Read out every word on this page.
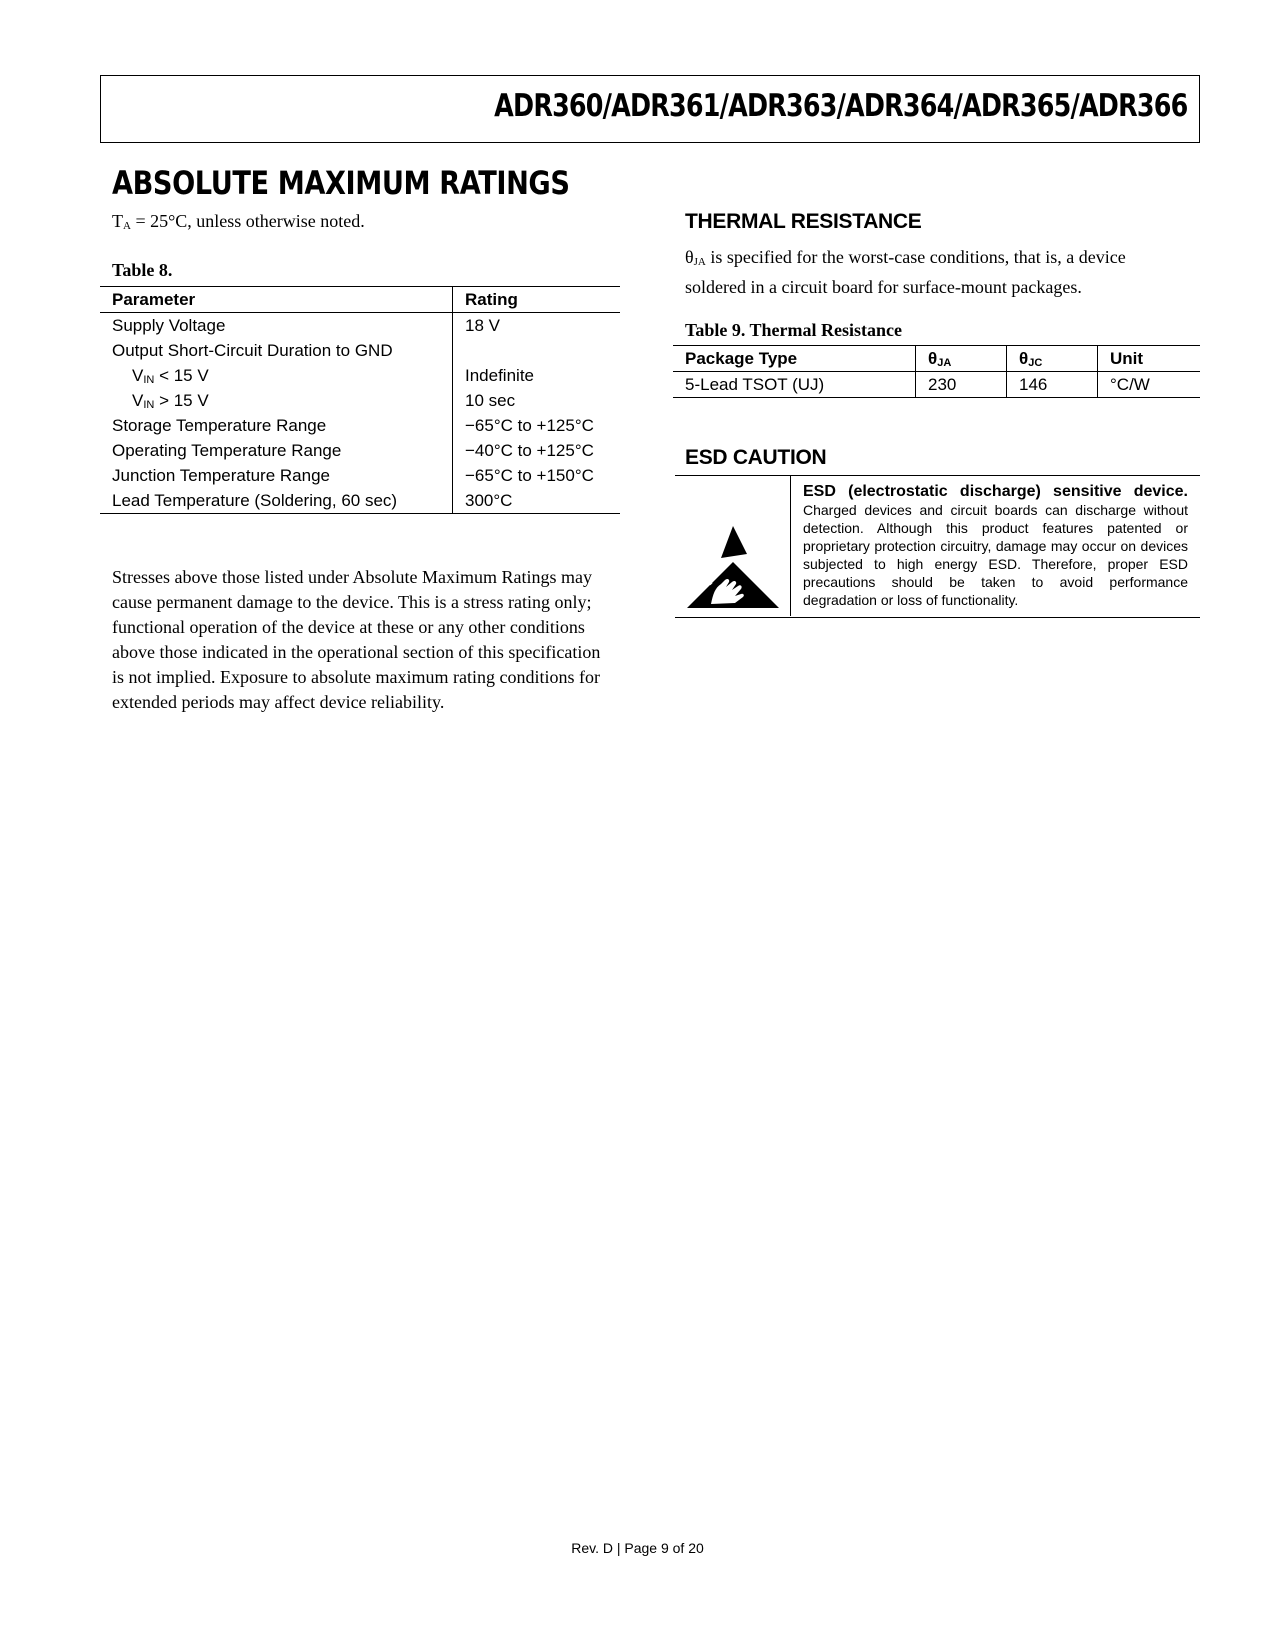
ADR360/ADR361/ADR363/ADR364/ADR365/ADR366
ABSOLUTE MAXIMUM RATINGS
$T_A = 25^\circ C$, unless otherwise noted.
Table 8.
Parameter	Rating
Supply Voltage	18 V
Output Short-Circuit Duration to GND	
$V_{IN} < 15$ V	Indefinite
$V_{IN} > 15$ V	10 sec
Storage Temperature Range	−65°C to +125°C
Operating Temperature Range	−40°C to +125°C
Junction Temperature Range	−65°C to +150°C
Lead Temperature (Soldering, 60 sec)	300°C
Stresses above those listed under Absolute Maximum Ratings may cause permanent damage to the device. This is a stress rating only; functional operation of the device at these or any other conditions above those indicated in the operational section of this specification is not implied. Exposure to absolute maximum rating conditions for extended periods may affect device reliability.
THERMAL RESISTANCE
$\theta_{JA}$ is specified for the worst-case conditions, that is, a device soldered in a circuit board for surface-mount packages.
Table 9. Thermal Resistance
Package Type	$\theta_{JA}$	$\theta_{JC}$	Unit
5-Lead TSOT (UJ)	230	146	°C/W
ESD CAUTION
ESD (electrostatic discharge) sensitive device. Charged devices and circuit boards can discharge without detection. Although this product features patented or proprietary protection circuitry, damage may occur on devices subjected to high energy ESD. Therefore, proper ESD precautions should be taken to avoid performance degradation or loss of functionality.
Rev. D | Page 9 of 20
